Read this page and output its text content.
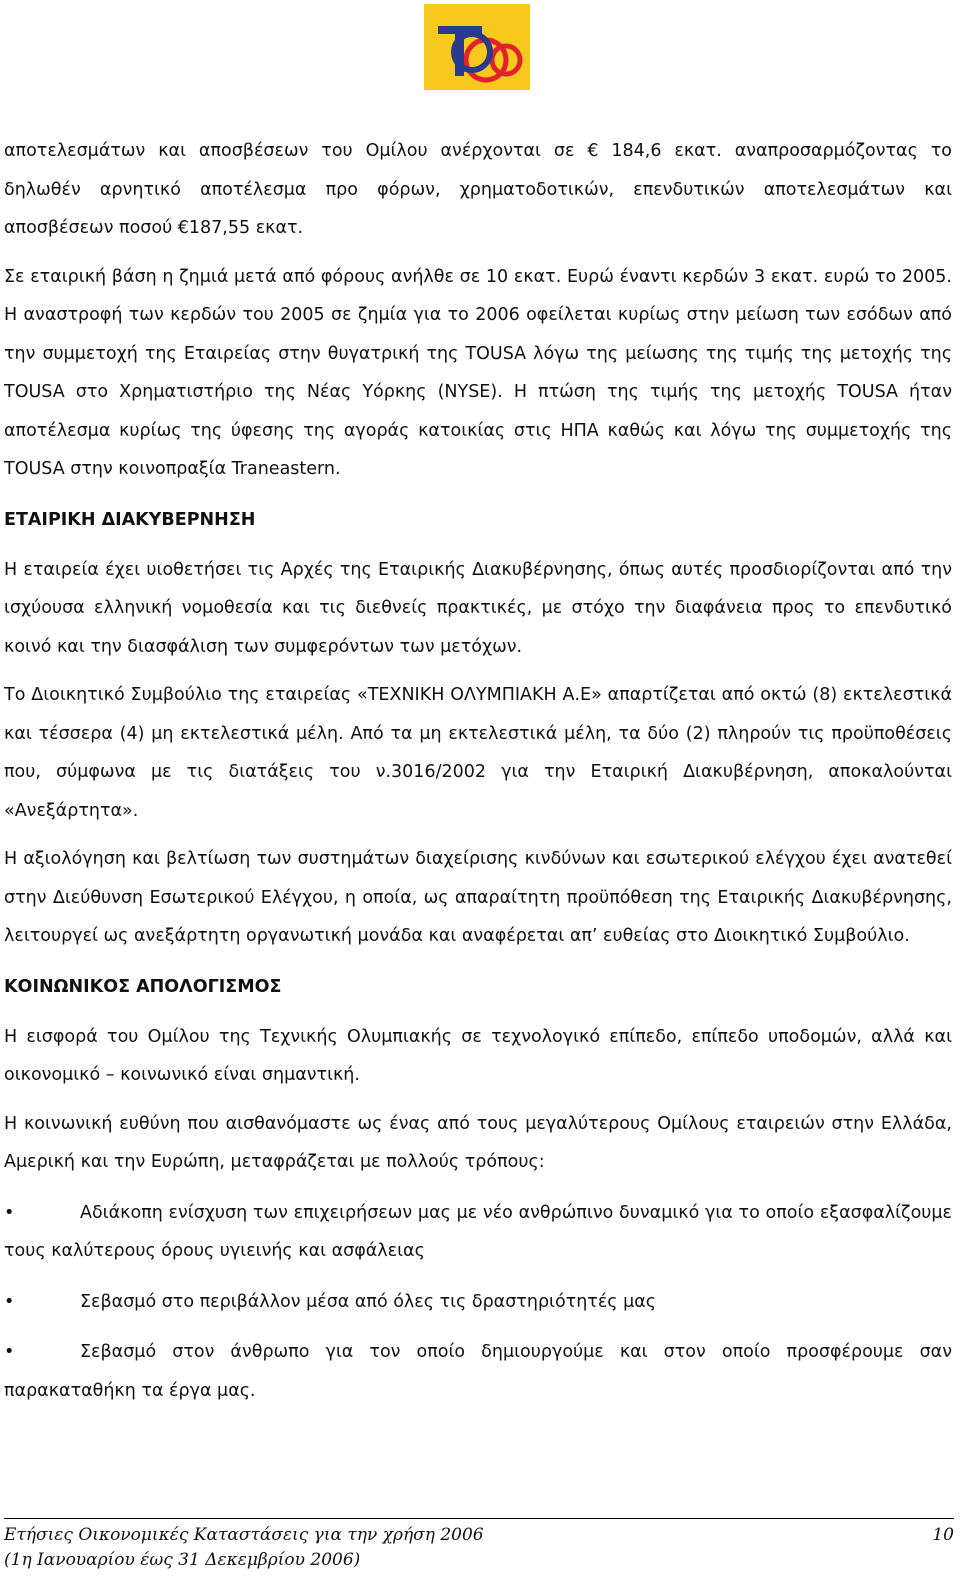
αποτελεσμάτων και αποσβέσεων του Ομίλου ανέρχονται σε € 184,6 εκατ. αναπροσαρμόζοντας το δηλωθέν αρνητικό αποτέλεσμα προ φόρων, χρηματοδοτικών, επενδυτικών αποτελεσμάτων και αποσβέσεων ποσού €187,55 εκατ.

Σε εταιρική βάση η ζημιά μετά από φόρους ανήλθε σε 10 εκατ. Ευρώ έναντι κερδών 3 εκατ. ευρώ το 2005. Η αναστροφή των κερδών του 2005 σε ζημία για το 2006 οφείλεται κυρίως στην μείωση των εσόδων από την συμμετοχή της Εταιρείας στην θυγατρική της TOUSA λόγω της μείωσης της τιμής της μετοχής της TOUSA στο Χρηματιστήριο της Νέας Υόρκης (NYSE). Η πτώση της τιμής της μετοχής TOUSA ήταν αποτέλεσμα κυρίως της ύφεσης της αγοράς κατοικίας στις ΗΠΑ καθώς και λόγω της συμμετοχής της TOUSA στην κοινοπραξία Traneastern.

ΕΤΑΙΡΙΚΗ ΔΙΑΚΥΒΕΡΝΗΣΗ

Η εταιρεία έχει υιοθετήσει τις Αρχές της Εταιρικής Διακυβέρνησης, όπως αυτές προσδιορίζονται από την ισχύουσα ελληνική νομοθεσία και τις διεθνείς πρακτικές, με στόχο την διαφάνεια προς το επενδυτικό κοινό και την διασφάλιση των συμφερόντων των μετόχων.

Το Διοικητικό Συμβούλιο της εταιρείας «ΤΕΧΝΙΚΗ ΟΛΥΜΠΙΑΚΗ Α.Ε» απαρτίζεται από οκτώ (8) εκτελεστικά και τέσσερα (4) μη εκτελεστικά μέλη. Από τα μη εκτελεστικά μέλη, τα δύο (2) πληρούν τις προϋποθέσεις που, σύμφωνα με τις διατάξεις του ν.3016/2002 για την Εταιρική Διακυβέρνηση, αποκαλούνται «Ανεξάρτητα».

Η αξιολόγηση και βελτίωση των συστημάτων διαχείρισης κινδύνων και εσωτερικού ελέγχου έχει ανατεθεί στην Διεύθυνση Εσωτερικού Ελέγχου, η οποία, ως απαραίτητη προϋπόθεση της Εταιρικής Διακυβέρνησης, λειτουργεί ως ανεξάρτητη οργανωτική μονάδα και αναφέρεται απ’ ευθείας στο Διοικητικό Συμβούλιο.

ΚΟΙΝΩΝΙΚΟΣ ΑΠΟΛΟΓΙΣΜΟΣ

Η εισφορά του Ομίλου της Τεχνικής Ολυμπιακής σε τεχνολογικό επίπεδο, επίπεδο υποδομών, αλλά και οικονομικό – κοινωνικό είναι σημαντική.

Η κοινωνική ευθύνη που αισθανόμαστε ως ένας από τους μεγαλύτερους Ομίλους εταιρειών στην Ελλάδα, Αμερική και την Ευρώπη, μεταφράζεται με πολλούς τρόπους:

•	Αδιάκοπη ενίσχυση των επιχειρήσεων μας με νέο ανθρώπινο δυναμικό για το οποίο εξασφαλίζουμε τους καλύτερους όρους υγιεινής και ασφάλειας

•	Σεβασμό στο περιβάλλον μέσα από όλες τις δραστηριότητές μας

•	Σεβασμό στον άνθρωπο για τον οποίο δημιουργούμε και στον οποίο προσφέρουμε σαν παρακαταθήκη τα έργα μας.

Ετήσιες Οικονομικές Καταστάσεις για την χρήση 2006	10
(1η Ιανουαρίου έως 31 Δεκεμβρίου 2006)
